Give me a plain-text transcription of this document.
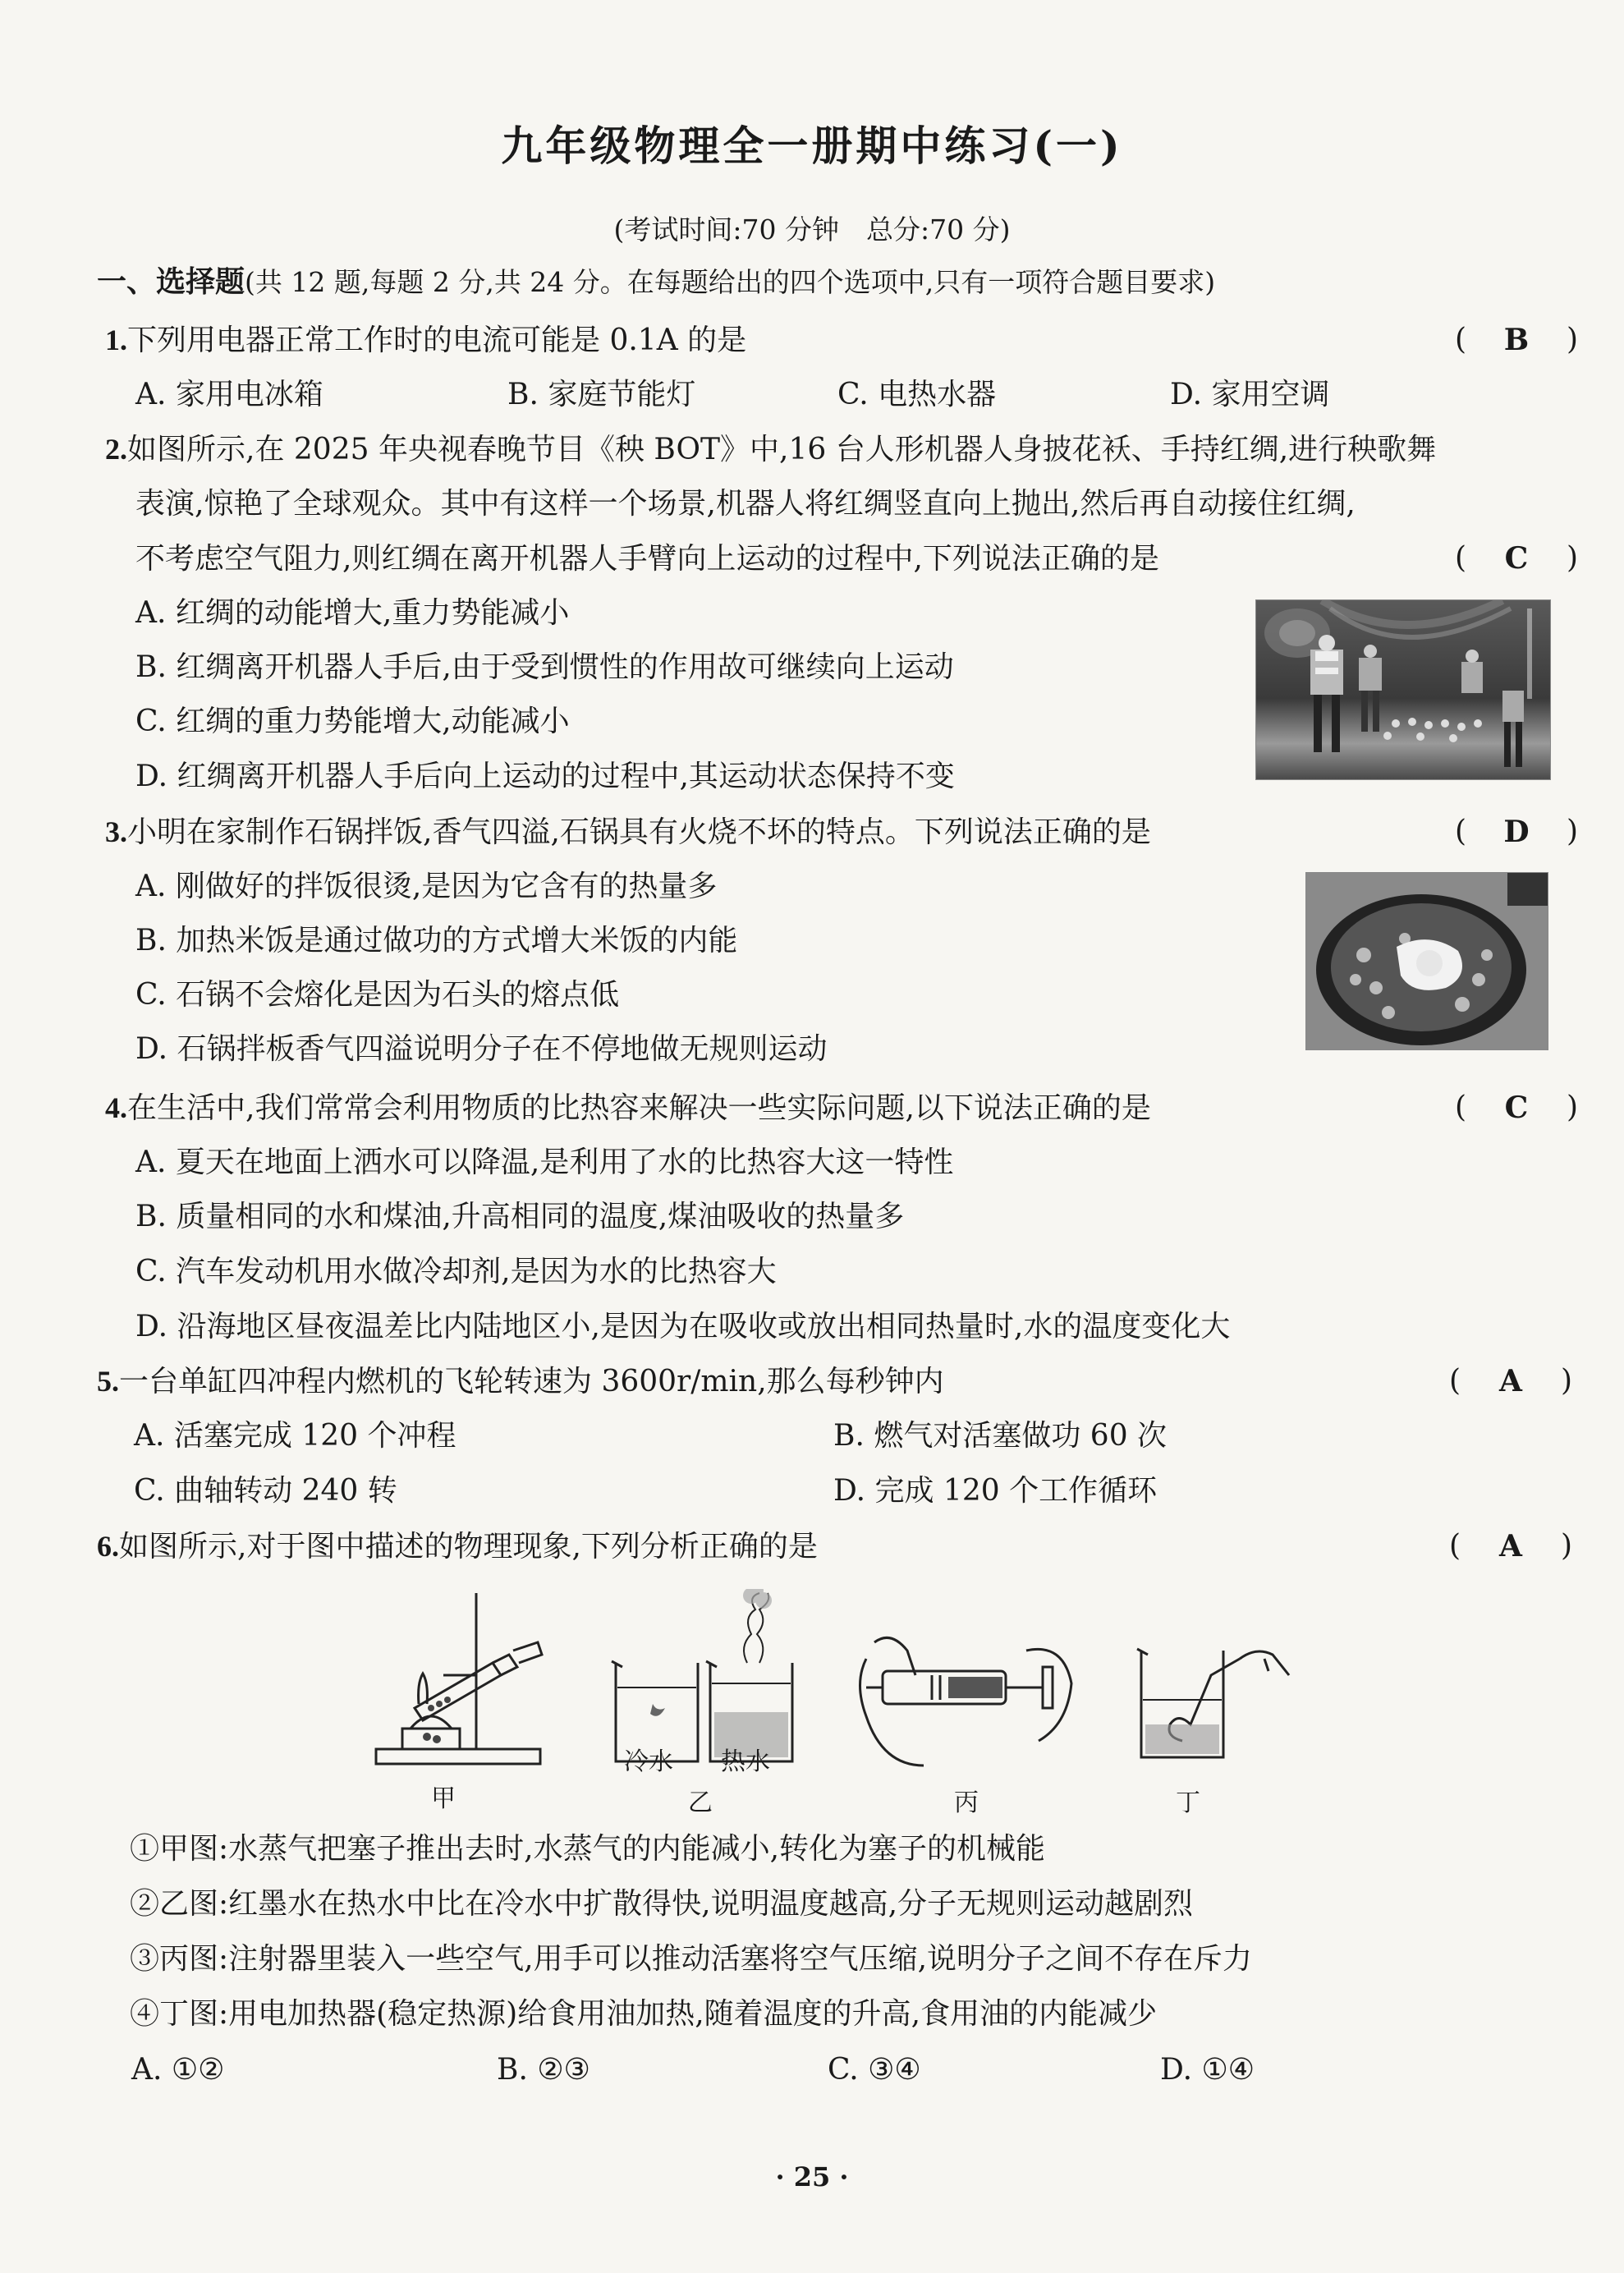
九年级物理全一册期中练习(一)
(考试时间:70 分钟　总分:70 分)
一、选择题(共 12 题,每题 2 分,共 24 分。在每题给出的四个选项中,只有一项符合题目要求)
1.下列用电器正常工作时的电流可能是 0.1A 的是	( B )
A. 家用电冰箱	B. 家庭节能灯	C. 电热水器	D. 家用空调
2.如图所示,在 2025 年央视春晚节目《秧 BOT》中,16 台人形机器人身披花袄、手持红绸,进行秧歌舞
表演,惊艳了全球观众。其中有这样一个场景,机器人将红绸竖直向上抛出,然后再自动接住红绸,
不考虑空气阻力,则红绸在离开机器人手臂向上运动的过程中,下列说法正确的是	( C )
A. 红绸的动能增大,重力势能减小
B. 红绸离开机器人手后,由于受到惯性的作用故可继续向上运动
C. 红绸的重力势能增大,动能减小
D. 红绸离开机器人手后向上运动的过程中,其运动状态保持不变
3.小明在家制作石锅拌饭,香气四溢,石锅具有火烧不坏的特点。下列说法正确的是	( D )
A. 刚做好的拌饭很烫,是因为它含有的热量多
B. 加热米饭是通过做功的方式增大米饭的内能
C. 石锅不会熔化是因为石头的熔点低
D. 石锅拌板香气四溢说明分子在不停地做无规则运动
4.在生活中,我们常常会利用物质的比热容来解决一些实际问题,以下说法正确的是	( C )
A. 夏天在地面上洒水可以降温,是利用了水的比热容大这一特性
B. 质量相同的水和煤油,升高相同的温度,煤油吸收的热量多
C. 汽车发动机用水做冷却剂,是因为水的比热容大
D. 沿海地区昼夜温差比内陆地区小,是因为在吸收或放出相同热量时,水的温度变化大
5.一台单缸四冲程内燃机的飞轮转速为 3600r/min,那么每秒钟内	( A )
A. 活塞完成 120 个冲程	B. 燃气对活塞做功 60 次
C. 曲轴转动 240 转	D. 完成 120 个工作循环
6.如图所示,对于图中描述的物理现象,下列分析正确的是	( A )
冷水 热水
甲	乙	丙	丁
①甲图:水蒸气把塞子推出去时,水蒸气的内能减小,转化为塞子的机械能
②乙图:红墨水在热水中比在冷水中扩散得快,说明温度越高,分子无规则运动越剧烈
③丙图:注射器里装入一些空气,用手可以推动活塞将空气压缩,说明分子之间不存在斥力
④丁图:用电加热器(稳定热源)给食用油加热,随着温度的升高,食用油的内能减少
A. ①②	B. ②③	C. ③④	D. ①④
· 25 ·
